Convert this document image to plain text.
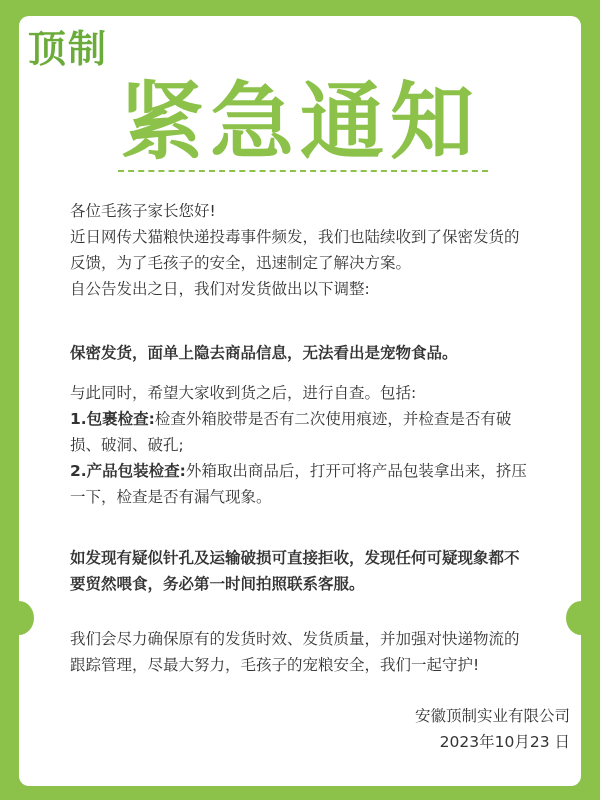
顶制
紧急通知

各位毛孩子家长您好!

近日网传犬猫粮快递投毒事件频发，我们也陆续收到了保密发货的

反馈，为了毛孩子的安全，迅速制定了解决方案。

自公告发出之日，我们对发货做出以下调整:

保密发货，面单上隐去商品信息，无法看出是宠物食品。

与此同时，希望大家收到货之后，进行自查。包括:

1.包裹检查:检查外箱胶带是否有二次使用痕迹，并检查是否有破

损、破洞、破孔;

2.产品包装检查:外箱取出商品后，打开可将产品包装拿出来，挤压

一下，检查是否有漏气现象。

如发现有疑似针孔及运输破损可直接拒收，发现任何可疑现象都不

要贸然喂食，务必第一时间拍照联系客服。

我们会尽力确保原有的发货时效、发货质量，并加强对快递物流的

跟踪管理，尽最大努力，毛孩子的宠粮安全，我们一起守护!

安徽顶制实业有限公司
2023年10月23 日
